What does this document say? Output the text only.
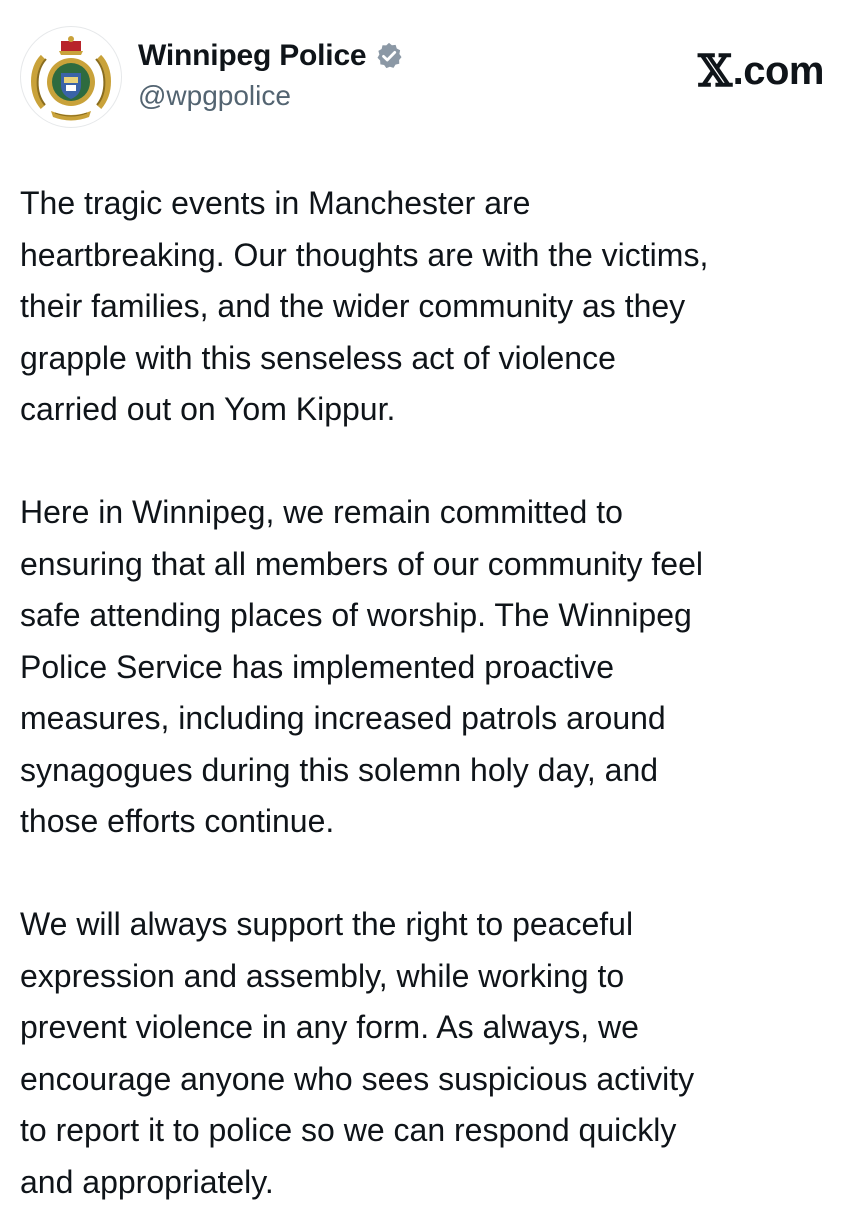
Winnipeg Police
@wpgpolice	𝕏 .com

The tragic events in Manchester are
heartbreaking. Our thoughts are with the victims,
their families, and the wider community as they
grapple with this senseless act of violence
carried out on Yom Kippur.

Here in Winnipeg, we remain committed to
ensuring that all members of our community feel
safe attending places of worship. The Winnipeg
Police Service has implemented proactive
measures, including increased patrols around
synagogues during this solemn holy day, and
those efforts continue.

We will always support the right to peaceful
expression and assembly, while working to
prevent violence in any form. As always, we
encourage anyone who sees suspicious activity
to report it to police so we can respond quickly
and appropriately.
